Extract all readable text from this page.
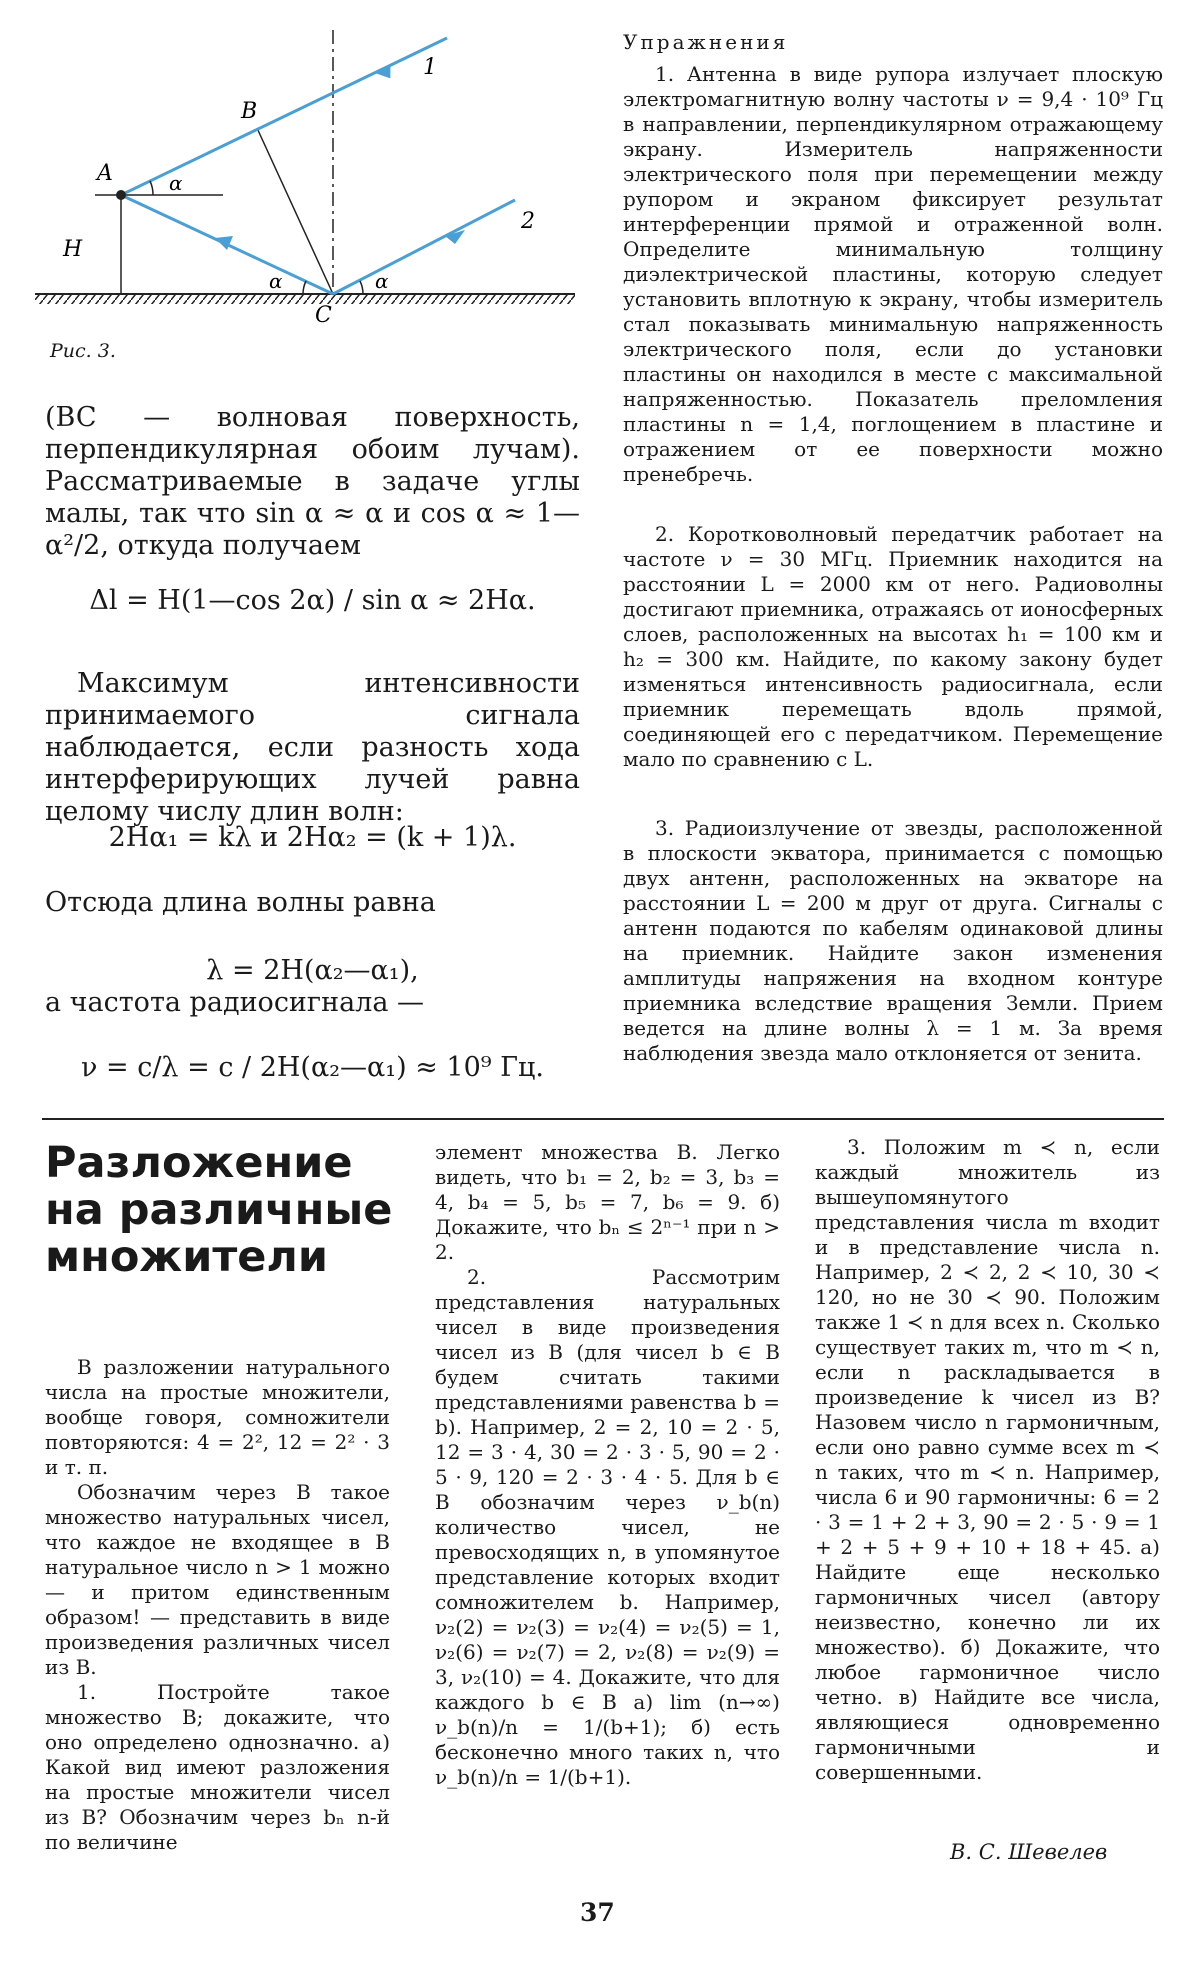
1
2
A
B
C
H
α
α	α
Рис. 3.

(BC — волновая поверхность, перпендикулярная обоим лучам). Рассматриваемые в задаче углы малы, так что sin α ≈ α и cos α ≈ 1—α²/2, откуда получаем

Δl = H(1—cos 2α) / sin α ≈ 2Hα.
Максимум интенсивности принимаемого сигнала наблюдается, если разность хода интерферирующих лучей равна целому числу длин волн:
2Hα₁ = kλ и 2Hα₂ = (k + 1)λ.
Отсюда длина волны равна
λ = 2H(α₂—α₁),
а частота радиосигнала —
ν = c/λ = c / 2H(α₂—α₁) ≈ 10⁹ Гц.
Упражнения
1. Антенна в виде рупора излучает плоскую электромагнитную волну частоты ν = 9,4 · 10⁹ Гц в направлении, перпендикулярном отражающему экрану. Измеритель напряженности электрического поля при перемещении между рупором и экраном фиксирует результат интерференции прямой и отраженной волн. Определите минимальную толщину диэлектрической пластины, которую следует установить вплотную к экрану, чтобы измеритель стал показывать минимальную напряженность электрического поля, если до установки пластины он находился в месте с максимальной напряженностью. Показатель преломления пластины n = 1,4, поглощением в пластине и отражением от ее поверхности можно пренебречь.
2. Коротковолновый передатчик работает на частоте ν = 30 МГц. Приемник находится на расстоянии L = 2000 км от него. Радиоволны достигают приемника, отражаясь от ионосферных слоев, расположенных на высотах h₁ = 100 км и h₂ = 300 км. Найдите, по какому закону будет изменяться интенсивность радиосигнала, если приемник перемещать вдоль прямой, соединяющей его с передатчиком. Перемещение мало по сравнению с L.
3. Радиоизлучение от звезды, расположенной в плоскости экватора, принимается с помощью двух антенн, расположенных на экваторе на расстоянии L = 200 м друг от друга. Сигналы с антенн подаются по кабелям одинаковой длины на приемник. Найдите закон изменения амплитуды напряжения на входном контуре приемника вследствие вращения Земли. Прием ведется на длине волны λ = 1 м. За время наблюдения звезда мало отклоняется от зенита.
Разложение на различные множители

В разложении натурального числа на простые множители, вообще говоря, сомножители повторяются: 4 = 2², 12 = 2² · 3 и т. п.

Обозначим через B такое множество натуральных чисел, что каждое не входящее в B натуральное число n > 1 можно — и притом единственным образом! — представить в виде произведения различных чисел из B.

1. Постройте такое множество B; докажите, что оно определено однозначно. а) Какой вид имеют разложения на простые множители чисел из B? Обозначим через bₙ n-й по величине

элемент множества B. Легко видеть, что b₁ = 2, b₂ = 3, b₃ = 4, b₄ = 5, b₅ = 7, b₆ = 9. б) Докажите, что bₙ ≤ 2ⁿ⁻¹ при n > 2.

2. Рассмотрим представления натуральных чисел в виде произведения чисел из B (для чисел b ∈ B будем считать такими представлениями равенства b = b). Например, 2 = 2, 10 = 2 · 5, 12 = 3 · 4, 30 = 2 · 3 · 5, 90 = 2 · 5 · 9, 120 = 2 · 3 · 4 · 5. Для b ∈ B обозначим через ν_b(n) количество чисел, не превосходящих n, в упомянутое представление которых входит сомножителем b. Например, ν₂(2) = ν₂(3) = ν₂(4) = ν₂(5) = 1, ν₂(6) = ν₂(7) = 2, ν₂(8) = ν₂(9) = 3, ν₂(10) = 4. Докажите, что для каждого b ∈ B а) lim (n→∞) ν_b(n)/n = 1/(b+1); б) есть бесконечно много таких n, что ν_b(n)/n = 1/(b+1).

3. Положим m ≺ n, если каждый множитель из вышеупомянутого представления числа m входит и в представление числа n. Например, 2 ≺ 2, 2 ≺ 10, 30 ≺ 120, но не 30 ≺ 90. Положим также 1 ≺ n для всех n. Сколько существует таких m, что m ≺ n, если n раскладывается в произведение k чисел из B? Назовем число n гармоничным, если оно равно сумме всех m ≺ n таких, что m ≺ n. Например, числа 6 и 90 гармоничны: 6 = 2 · 3 = 1 + 2 + 3, 90 = 2 · 5 · 9 = 1 + 2 + 5 + 9 + 10 + 18 + 45. а) Найдите еще несколько гармоничных чисел (автору неизвестно, конечно ли их множество). б) Докажите, что любое гармоничное число четно. в) Найдите все числа, являющиеся одновременно гармоничными и совершенными.

В. С. Шевелев
37
